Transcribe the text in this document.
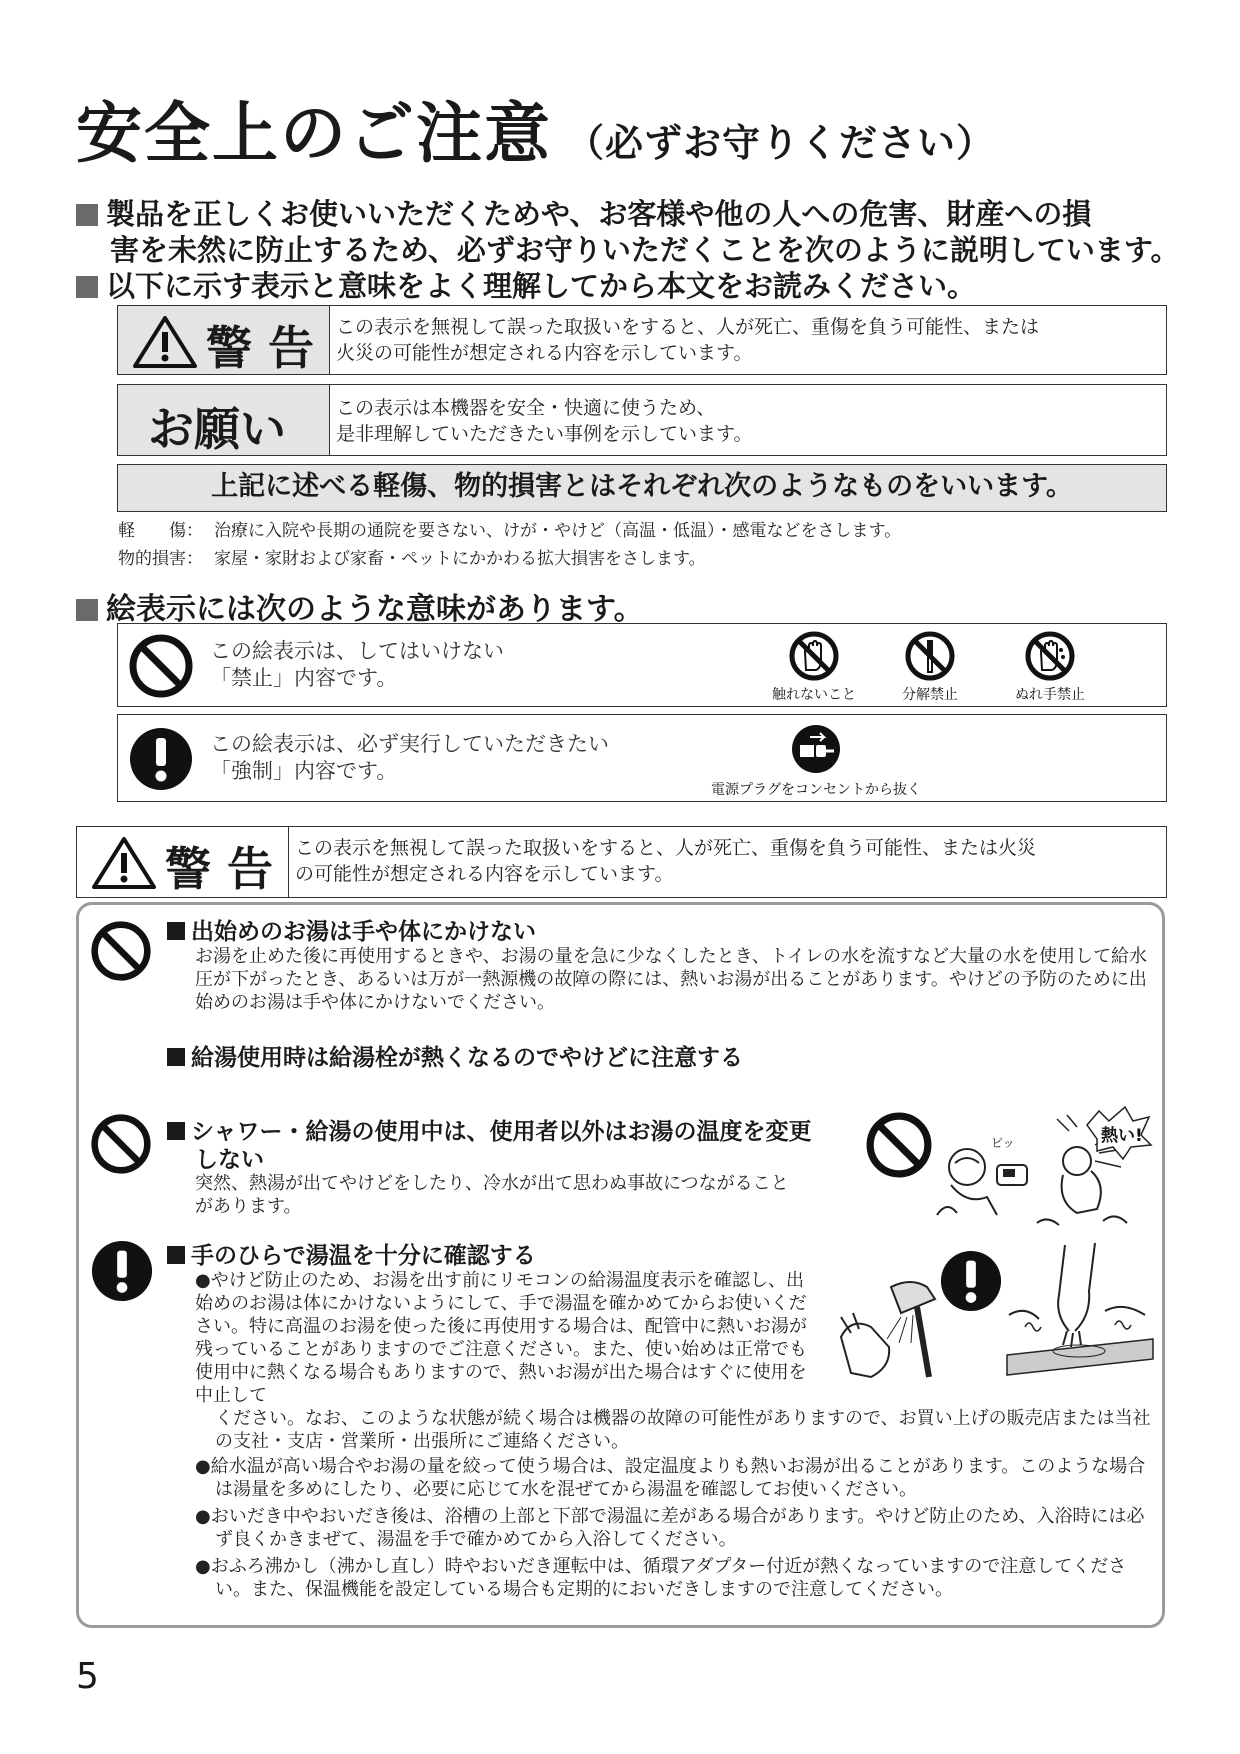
安全上のご注意 （必ずお守りください）
製品を正しくお使いいただくためや、お客様や他の人への危害、財産への損
害を未然に防止するため、必ずお守りいただくことを次のように説明しています。
以下に示す表示と意味をよく理解してから本文をお読みください。
警 告 この表示を無視して誤った取扱いをすると、人が死亡、重傷を負う可能性、または
火災の可能性が想定される内容を示しています。
お願い	この表示は本機器を安全・快適に使うため、
是非理解していただきたい事例を示しています。
上記に述べる軽傷、物的損害とはそれぞれ次のようなものをいいます。
軽　　傷： 治療に入院や長期の通院を要さない、けが・やけど（高温・低温）・感電などをさします。
物的損害： 家屋・家財および家畜・ペットにかかわる拡大損害をさします。
絵表示には次のような意味があります。
この絵表示は、してはいけない
「禁止」内容です。
触れないこと	分解禁止	ぬれ手禁止
この絵表示は、必ず実行していただきたい
「強制」内容です。
電源プラグをコンセントから抜く
警 告 この表示を無視して誤った取扱いをすると、人が死亡、重傷を負う可能性、または火災
の可能性が想定される内容を示しています。
出始めのお湯は手や体にかけない
お湯を止めた後に再使用するときや、お湯の量を急に少なくしたとき、トイレの水を流すなど大量の水を使用して給水圧が下がったとき、あるいは万が一熱源機の故障の際には、熱いお湯が出ることがあります。やけどの予防のために出始めのお湯は手や体にかけないでください。
給湯使用時は給湯栓が熱くなるのでやけどに注意する
シャワー・給湯の使用中は、使用者以外はお湯の温度を変更
しない
突然、熱湯が出てやけどをしたり、冷水が出て思わぬ事故につながることがあります。
ピッ	熱い!
手のひらで湯温を十分に確認する
●やけど防止のため、お湯を出す前にリモコンの給湯温度表示を確認し、出始めのお湯は体にかけないようにして、手で湯温を確かめてからお使いください。特に高温のお湯を使った後に再使用する場合は、配管中に熱いお湯が残っていることがありますのでご注意ください。また、使い始めは正常でも使用中に熱くなる場合もありますので、熱いお湯が出た場合はすぐに使用を中止して
ください。なお、このような状態が続く場合は機器の故障の可能性がありますので、お買い上げの販売店または当社の支社・支店・営業所・出張所にご連絡ください。
●給水温が高い場合やお湯の量を絞って使う場合は、設定温度よりも熱いお湯が出ることがあります。このような場合は湯量を多めにしたり、必要に応じて水を混ぜてから湯温を確認してお使いください。
●おいだき中やおいだき後は、浴槽の上部と下部で湯温に差がある場合があります。やけど防止のため、入浴時には必ず良くかきまぜて、湯温を手で確かめてから入浴してください。
●おふろ沸かし（沸かし直し）時やおいだき運転中は、循環アダプター付近が熱くなっていますので注意してください。また、保温機能を設定している場合も定期的においだきしますので注意してください。
5
